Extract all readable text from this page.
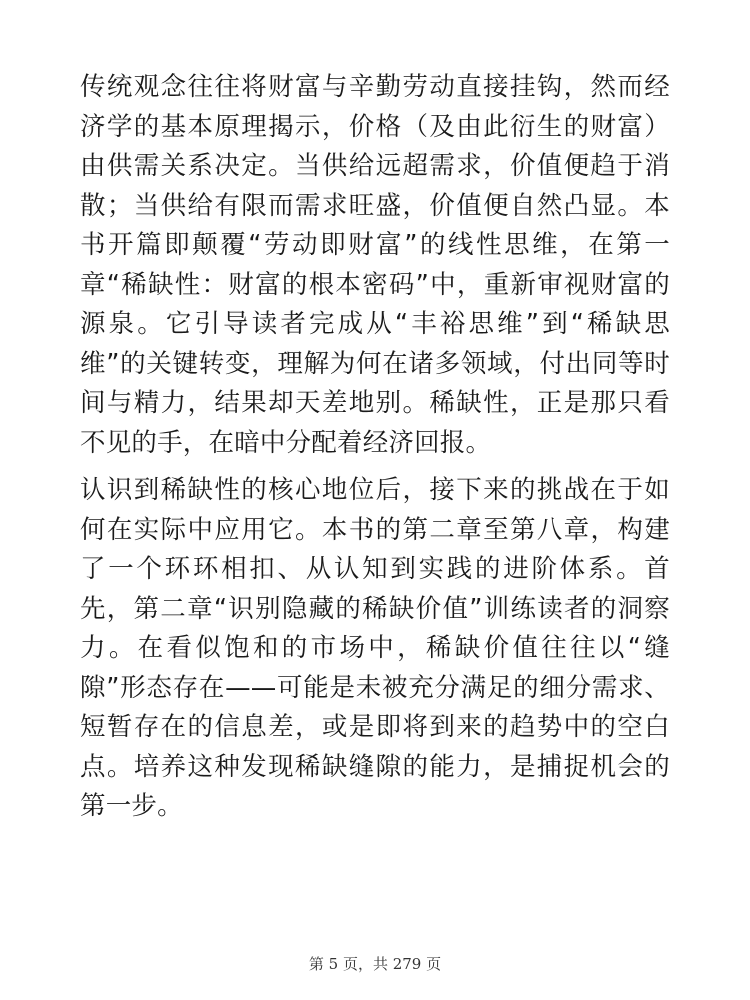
传统观念往往将财富与辛勤劳动直接挂钩，然而经济学的基本原理揭示，价格（及由此衍生的财富）由供需关系决定。当供给远超需求，价值便趋于消散；当供给有限而需求旺盛，价值便自然凸显。本书开篇即颠覆“劳动即财富”的线性思维，在第一章“稀缺性：财富的根本密码”中，重新审视财富的源泉。它引导读者完成从“丰裕思维”到“稀缺思维”的关键转变，理解为何在诸多领域，付出同等时间与精力，结果却天差地别。稀缺性，正是那只看不见的手，在暗中分配着经济回报。

认识到稀缺性的核心地位后，接下来的挑战在于如何在实际中应用它。本书的第二章至第八章，构建了一个环环相扣、从认知到实践的进阶体系。首先，第二章“识别隐藏的稀缺价值”训练读者的洞察力。在看似饱和的市场中，稀缺价值往往以“缝隙”形态存在——可能是未被充分满足的细分需求、短暂存在的信息差，或是即将到来的趋势中的空白点。培养这种发现稀缺缝隙的能力，是捕捉机会的第一步。

第 5 页，共 279 页
